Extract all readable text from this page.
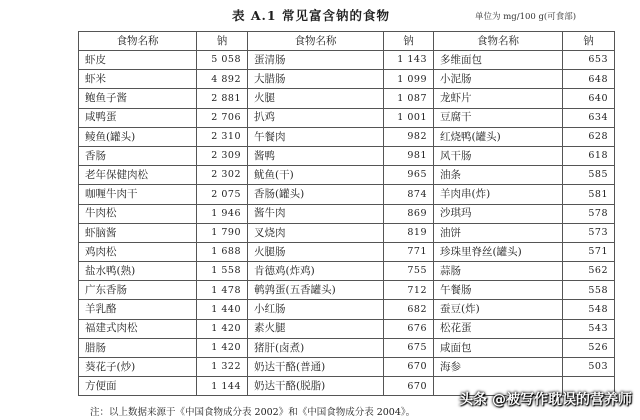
表 A.1 常见富含钠的食物	单位为 mg/100 g(可食部)
食物名称	钠	食物名称	钠	食物名称	钠
虾皮	5 058	蛋清肠	1 143	多维面包	653
虾米	4 892	大腊肠	1 099	小泥肠	648
鲍鱼子酱	2 881	火腿	1 087	龙虾片	640
咸鸭蛋	2 706	扒鸡	1 001	豆腐干	634
鲮鱼(罐头)	2 310	午餐肉	982	红烧鸭(罐头)	628
香肠	2 309	酱鸭	981	风干肠	618
老年保健肉松	2 302	鱿鱼(干)	965	油条	585
咖喱牛肉干	2 075	香肠(罐头)	874	羊肉串(炸)	581
牛肉松	1 946	酱牛肉	869	沙琪玛	578
虾脑酱	1 790	叉烧肉	819	油饼	573
鸡肉松	1 688	火腿肠	771	珍珠里脊丝(罐头)	571
盐水鸭(熟)	1 558	肯德鸡(炸鸡)	755	蒜肠	562
广东香肠	1 478	鹌鹑蛋(五香罐头)	712	午餐肠	558
羊乳酪	1 440	小红肠	682	蚕豆(炸)	548
福建式肉松	1 420	素火腿	676	松花蛋	543
腊肠	1 420	猪肝(卤煮)	675	咸面包	526
葵花子(炒)	1 322	奶达干酪(普通)	670	海参	503
方便面	1 144	奶达干酪(脱脂)	670		
注：以上数据来源于《中国食物成分表 2002》和《中国食物成分表 2004》。
头条 @被写作耽误的营养师
